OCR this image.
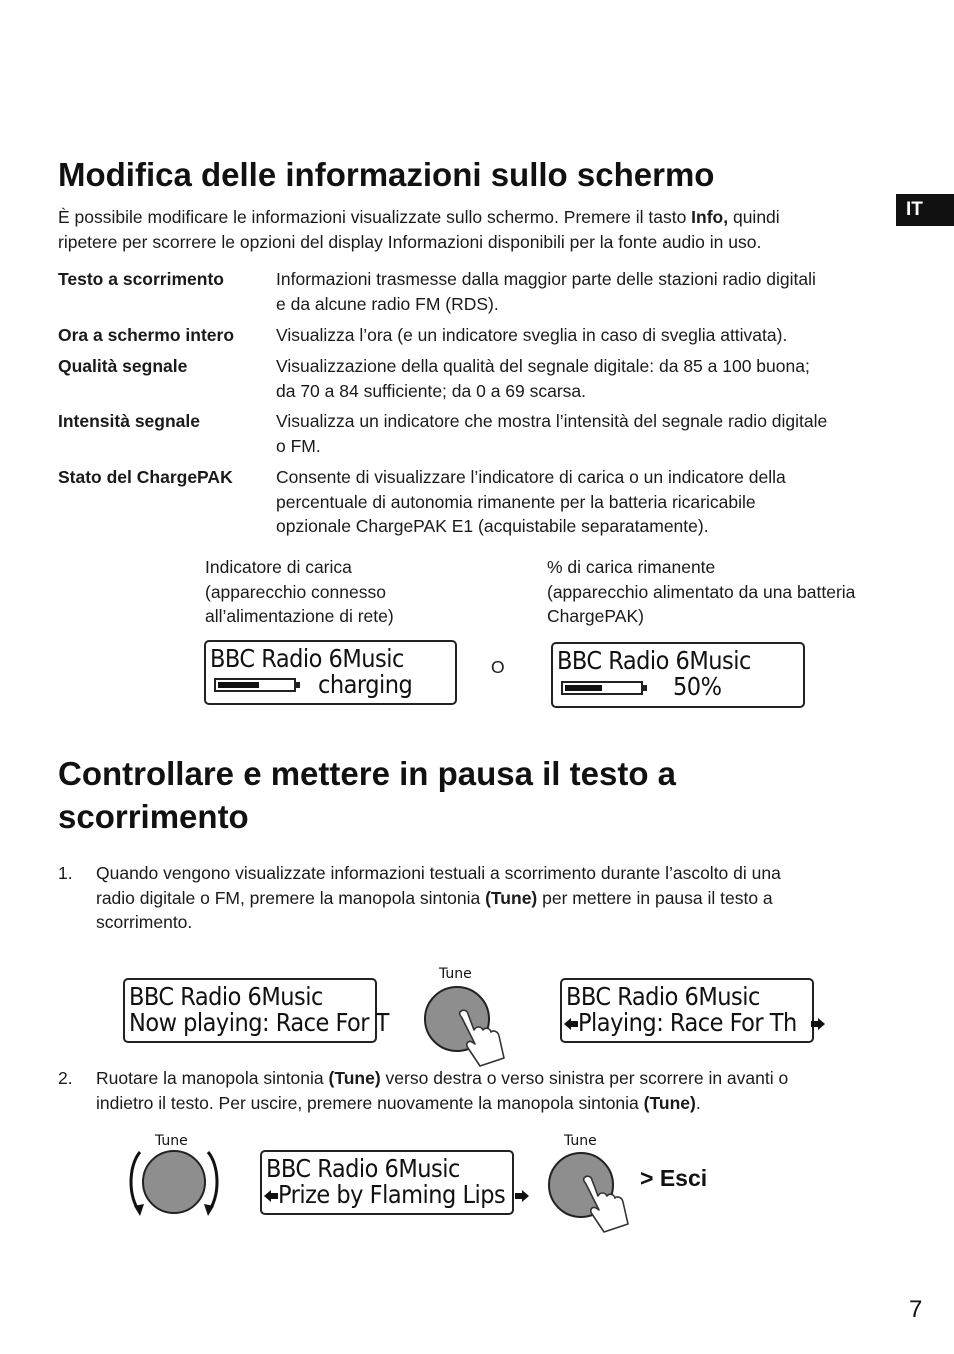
IT
Modifica delle informazioni sullo schermo
È possibile modificare le informazioni visualizzate sullo schermo. Premere il tasto Info, quindi
ripetere per scorrere le opzioni del display Informazioni disponibili per la fonte audio in uso.
Testo a scorrimento	Informazioni trasmesse dalla maggior parte delle stazioni radio digitali
e da alcune radio FM (RDS).
Ora a schermo intero Visualizza l’ora (e un indicatore sveglia in caso di sveglia attivata).
Qualità segnale	Visualizzazione della qualità del segnale digitale: da 85 a 100 buona;
da 70 a 84 sufficiente; da 0 a 69 scarsa.
Intensità segnale	Visualizza un indicatore che mostra l’intensità del segnale radio digitale
o FM.
Stato del ChargePAK Consente di visualizzare l’indicatore di carica o un indicatore della
percentuale di autonomia rimanente per la batteria ricaricabile
opzionale ChargePAK E1 (acquistabile separatamente).
Indicatore di carica
(apparecchio connesso
all’alimentazione di rete)
% di carica rimanente
(apparecchio alimentato da una batteria
ChargePAK)
BBC Radio 6Music
charging
O BBC Radio 6Music
50%
Controllare e mettere in pausa il testo a
scorrimento
1. Quando vengono visualizzate informazioni testuali a scorrimento durante l’ascolto di una
radio digitale o FM, premere la manopola sintonia (Tune) per mettere in pausa il testo a
scorrimento.
BBC Radio 6Music
Now playing: Race For T
Tune
BBC Radio 6Music
Playing: Race For Th
2. Ruotare la manopola sintonia (Tune) verso destra o verso sinistra per scorrere in avanti o
indietro il testo. Per uscire, premere nuovamente la manopola sintonia (Tune).
Tune
BBC Radio 6Music
Prize by Flaming Lips
Tune
> Esci
7
